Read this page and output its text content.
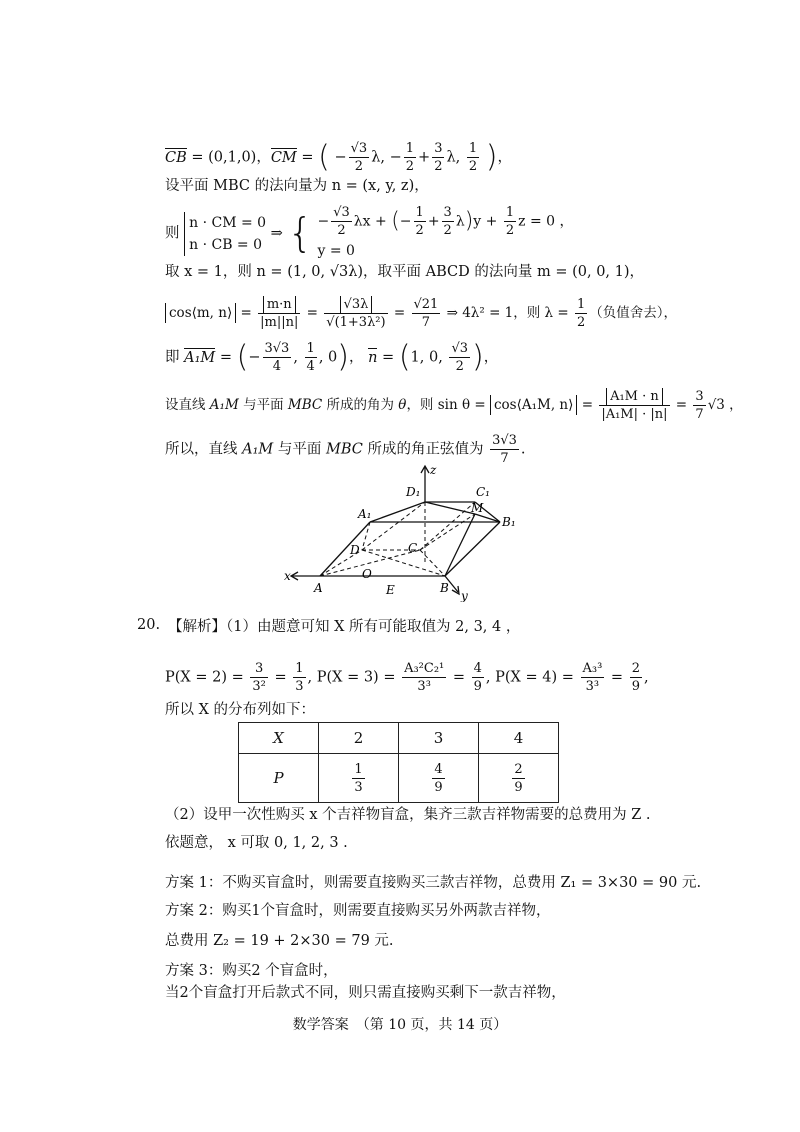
CB = (0,1,0)，CM = ( − $\frac{√3}{2} \lambda$, − $\frac{1}{2} + \frac{3}{2} \lambda$, $\frac{1}{2}$ )，
设平面 MBC 的法向量为 n = (x, y, z)，
则
n · CM = 0
n · CB = 0
⇒ { − $\frac{√3}{2}$ λx + (− $\frac{1}{2} + \frac{3}{2} \lambda)y + \frac{1}{2}$ z = 0 ，
y = 0
取 x = 1，则 n = (1, 0, √3λ)，取平面 ABCD 的法向量 m = (0, 0, 1)，
cos⟨m, n⟩ = $\frac{m\cdot n}{|m||n|} = \frac{√3\lambda}{\text{√(1+3λ²)}} = \frac{√21}{7}$ ⇒ 4λ² = 1，则 $\lambda = \frac{1}{2}$ （负值舍去），
即 A₁M = (− $\frac{3√3}{4}$ , $\frac{1}{4}$ , 0)， n = (1, 0, $\frac{√3}{2}$ )，
设直线 A₁M 与平面 MBC 所成的角为 θ，则 sin θ = cos⟨A₁M, n⟩ = $\frac{\text{A₁M · n}}{\text{|A₁M| · |n|}} = \frac{3}{7} √3$ ，
所以，直线 A₁M 与平面 MBC 所成的角正弦值为 $\frac{3√3}{7}$ .
z
D₁	C₁
A₁	M
B₁
D	C
O
x
A	E	B
y
20. 【解析】（1）由题意可知 X 所有可能取值为 2, 3, 4 ，
$P(X = 2) = \frac{3}{\text{3²}} = \frac{1}{3}$ , $P(X = 3) = \frac{\text{A₃²C₂¹}}{\text{3³}} = \frac{4}{9}$ , $P(X = 4) = \frac{\text{A₃³}}{\text{3³}} = \frac{2}{9}$ ,
所以 X 的分布列如下：
X	2	3	4
P	$\frac{1}{3}$	$\frac{4}{9}$	$\frac{2}{9}$
（2）设甲一次性购买 x 个吉祥物盲盒，集齐三款吉祥物需要的总费用为 Z .
依题意， x 可取 0, 1, 2, 3 .
方案 1：不购买盲盒时，则需要直接购买三款吉祥物，总费用 Z₁ = 3×30 = 90 元.
方案 2：购买1个盲盒时，则需要直接购买另外两款吉祥物，
总费用 Z₂ = 19 + 2×30 = 79 元.
方案 3：购买2 个盲盒时，
当2个盲盒打开后款式不同，则只需直接购买剩下一款吉祥物，
数学答案　（第 10 页，共 14 页）
